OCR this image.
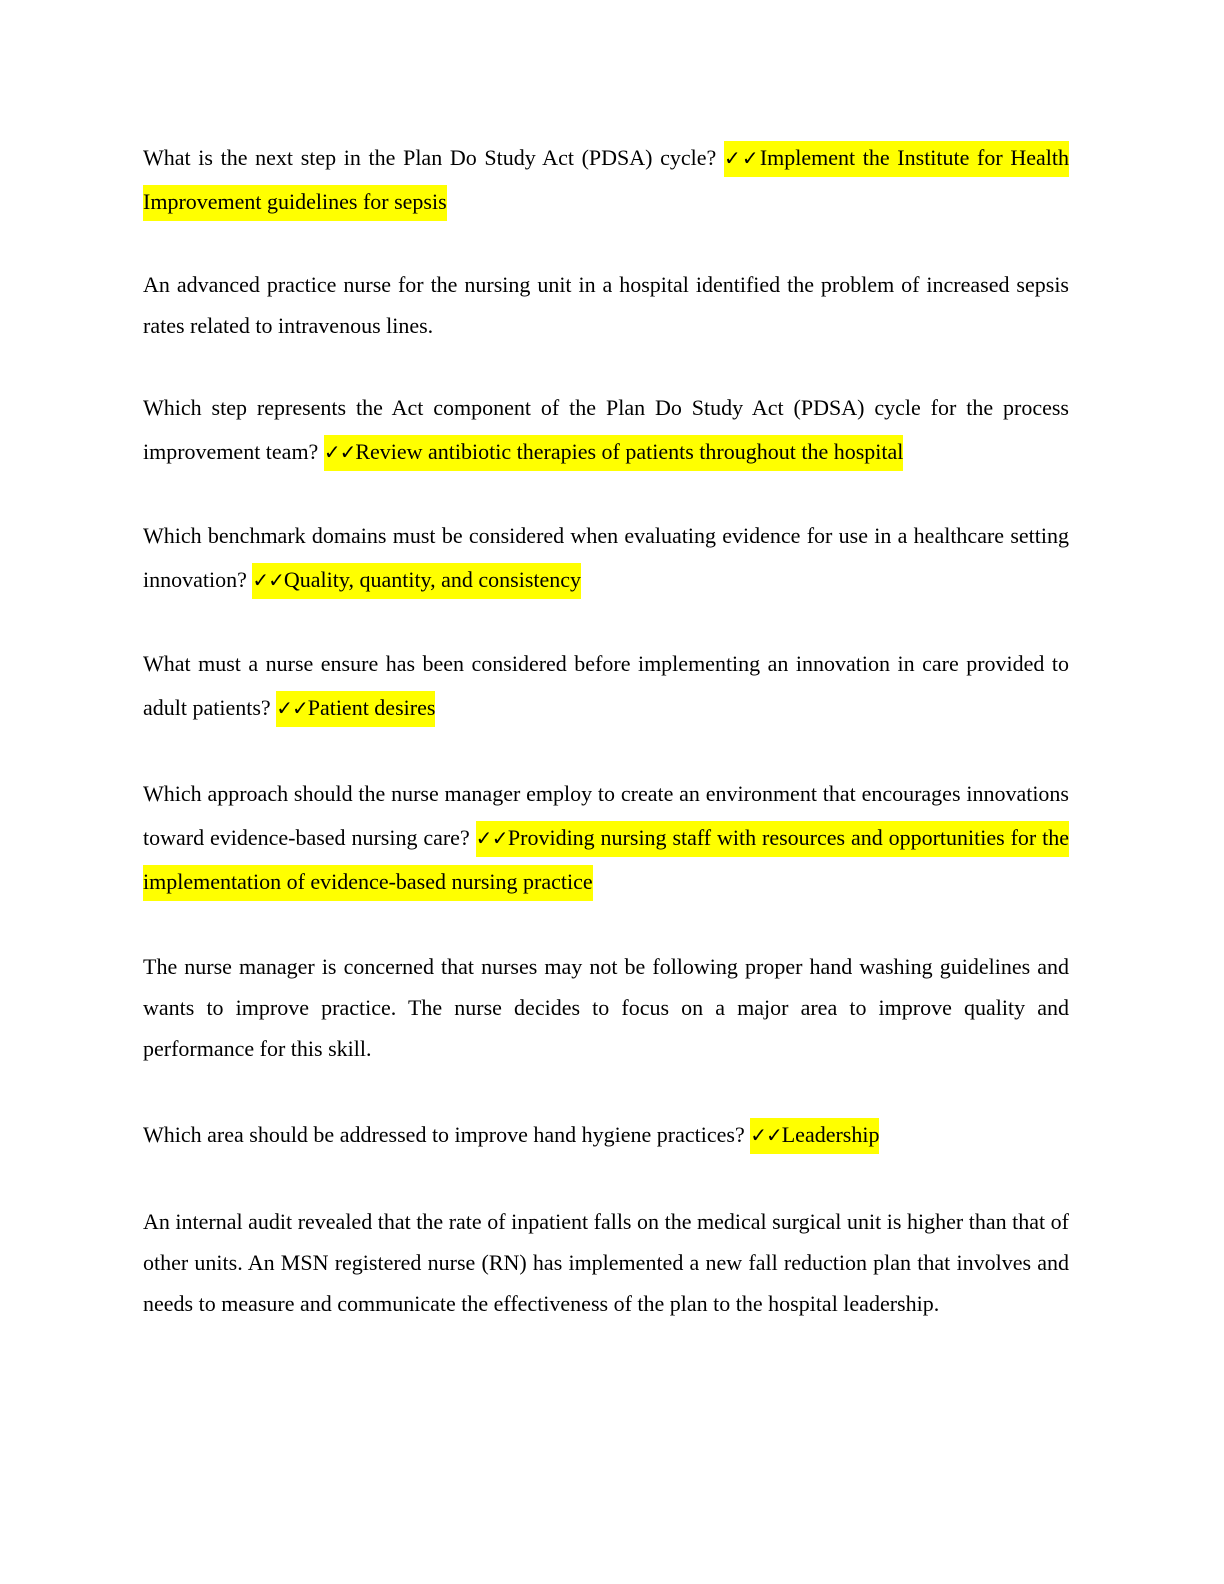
What is the next step in the Plan Do Study Act (PDSA) cycle? ✓✓Implement the Institute for Health Improvement guidelines for sepsis

An advanced practice nurse for the nursing unit in a hospital identified the problem of increased sepsis rates related to intravenous lines.

Which step represents the Act component of the Plan Do Study Act (PDSA) cycle for the process improvement team? ✓✓Review antibiotic therapies of patients throughout the hospital

Which benchmark domains must be considered when evaluating evidence for use in a healthcare setting innovation? ✓✓Quality, quantity, and consistency

What must a nurse ensure has been considered before implementing an innovation in care provided to adult patients? ✓✓Patient desires

Which approach should the nurse manager employ to create an environment that encourages innovations toward evidence-based nursing care? ✓✓Providing nursing staff with resources and opportunities for the implementation of evidence-based nursing practice

The nurse manager is concerned that nurses may not be following proper hand washing guidelines and wants to improve practice. The nurse decides to focus on a major area to improve quality and performance for this skill.

Which area should be addressed to improve hand hygiene practices? ✓✓Leadership

An internal audit revealed that the rate of inpatient falls on the medical surgical unit is higher than that of other units. An MSN registered nurse (RN) has implemented a new fall reduction plan that involves and needs to measure and communicate the effectiveness of the plan to the hospital leadership.
